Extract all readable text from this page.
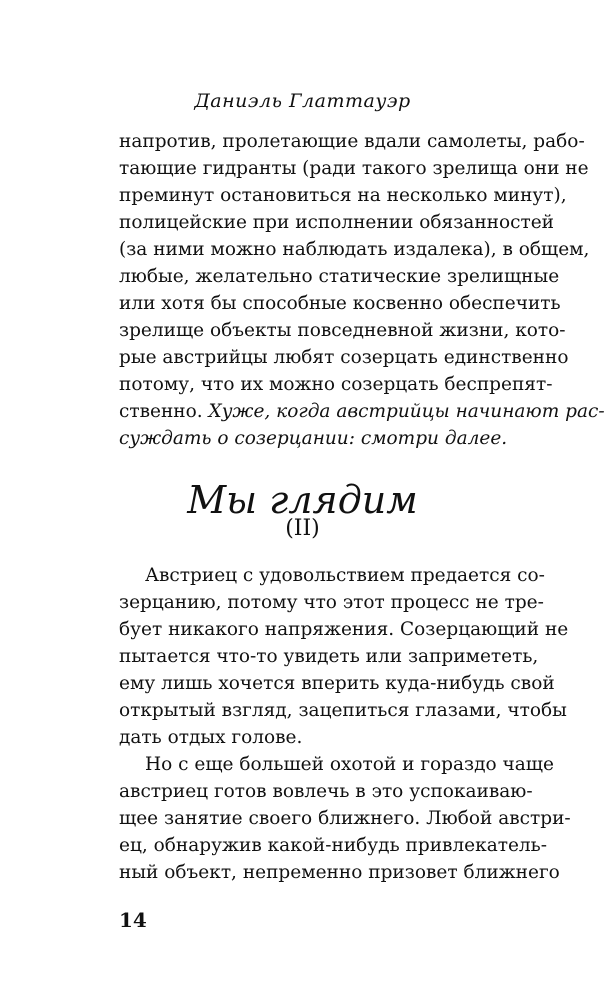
Даниэль Глаттауэр
напротив, пролетающие вдали самолеты, рабо-
тающие гидранты (ради такого зрелища они не
преминут остановиться на несколько минут),
полицейские при исполнении обязанностей
(за ними можно наблюдать издалека), в общем,
любые, желательно статические зрелищные
или хотя бы способные косвенно обеспечить
зрелище объекты повседневной жизни, кото-
рые австрийцы любят созерцать единственно
потому, что их можно созерцать беспрепят-
ственно. Хуже, когда австрийцы начинают рас-
суждать о созерцании: смотри далее.
Мы глядим
(II)
Австриец с удовольствием предается со-
зерцанию, потому что этот процесс не тре-
бует никакого напряжения. Созерцающий не
пытается что-то увидеть или запримететь,
ему лишь хочется вперить куда-нибудь свой
открытый взгляд, зацепиться глазами, чтобы
дать отдых голове.
Но с еще большей охотой и гораздо чаще
австриец готов вовлечь в это успокаиваю-
щее занятие своего ближнего. Любой австри-
ец, обнаружив какой-нибудь привлекатель-
ный объект, непременно призовет ближнего
14
